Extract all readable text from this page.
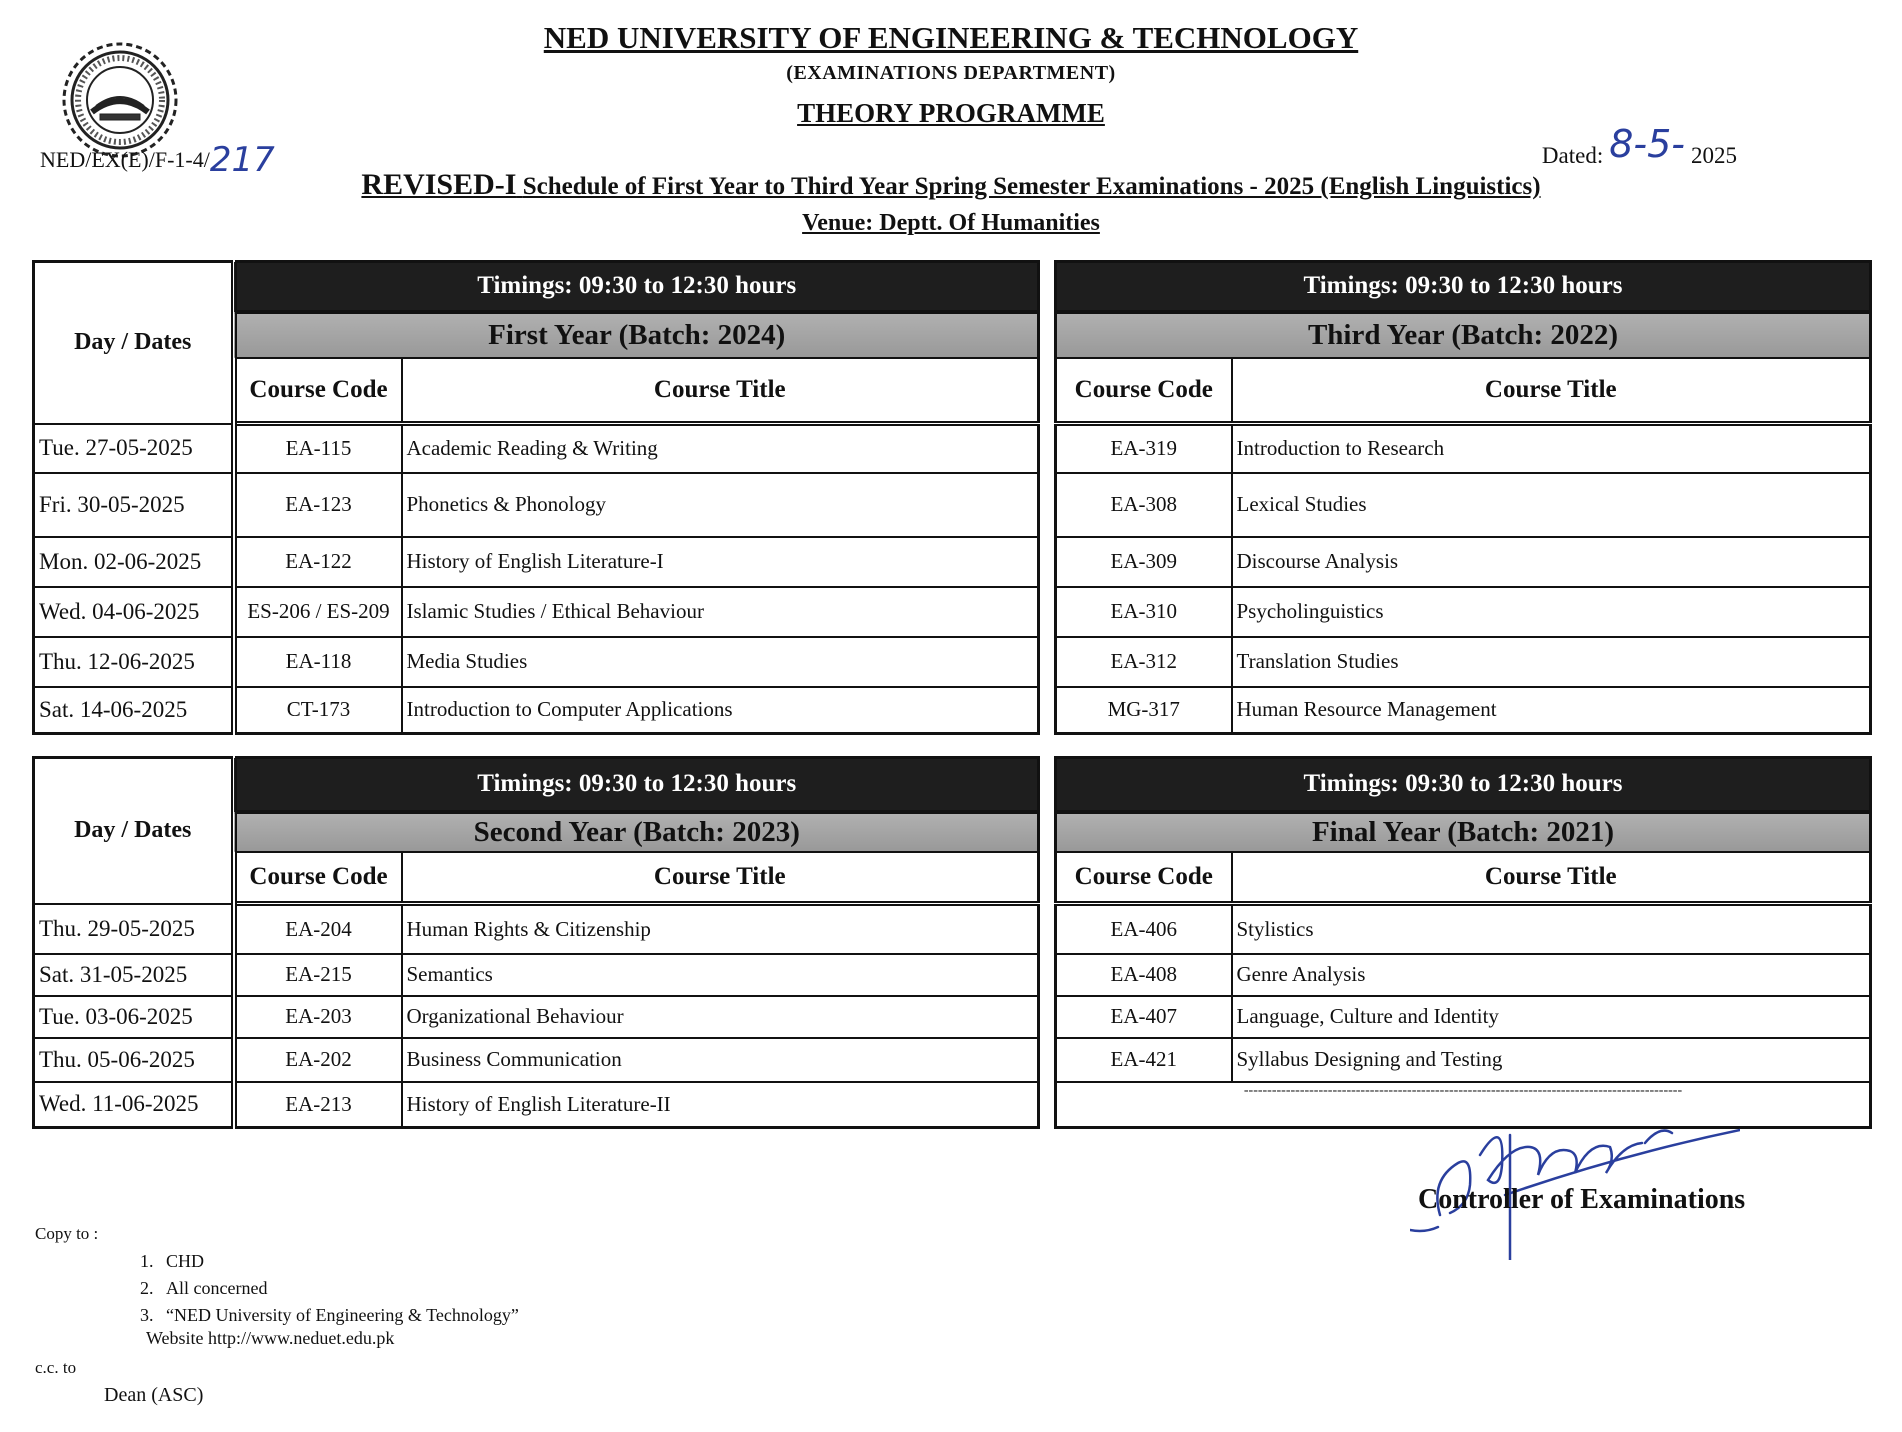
NED UNIVERSITY OF ENGINEERING & TECHNOLOGY
(EXAMINATIONS DEPARTMENT)
THEORY PROGRAMME
NED/EX(E)/F-1-4/217	Dated: 8-5- 2025
REVISED-I Schedule of First Year to Third Year Spring Semester Examinations - 2025 (English Linguistics)
Venue: Deptt. Of Humanities
Day / Dates	Timings: 09:30 to 12:30 hours	
	First Year (Batch: 2024)	
	Course Code	Course Title
Tue. 27-05-2025	EA-115	Academic Reading & Writing
Fri. 30-05-2025	EA-123	Phonetics & Phonology
Mon. 02-06-2025	EA-122	History of English Literature-I
Wed. 04-06-2025	ES-206 / ES-209	Islamic Studies / Ethical Behaviour
Thu. 12-06-2025	EA-118	Media Studies
Sat. 14-06-2025	CT-173	Introduction to Computer Applications
Timings: 09:30 to 12:30 hours	
Third Year (Batch: 2022)	
Course Code	Course Title
EA-319	Introduction to Research
EA-308	Lexical Studies
EA-309	Discourse Analysis
EA-310	Psycholinguistics
EA-312	Translation Studies
MG-317	Human Resource Management
Day / Dates	Timings: 09:30 to 12:30 hours	
	Second Year (Batch: 2023)	
	Course Code	Course Title
Thu. 29-05-2025	EA-204	Human Rights & Citizenship
Sat. 31-05-2025	EA-215	Semantics
Tue. 03-06-2025	EA-203	Organizational Behaviour
Thu. 05-06-2025	EA-202	Business Communication
Wed. 11-06-2025	EA-213	History of English Literature-II
Timings: 09:30 to 12:30 hours	
Final Year (Batch: 2021)	
Course Code	Course Title
EA-406	Stylistics
EA-408	Genre Analysis
EA-407	Language, Culture and Identity
EA-421	Syllabus Designing and Testing
----------------------------------------------------------------------------------------------	
Controller of Examinations
Copy to :
1. CHD
2. All concerned
3. “NED University of Engineering & Technology”
Website http://www.neduet.edu.pk
c.c. to
Dean (ASC)
